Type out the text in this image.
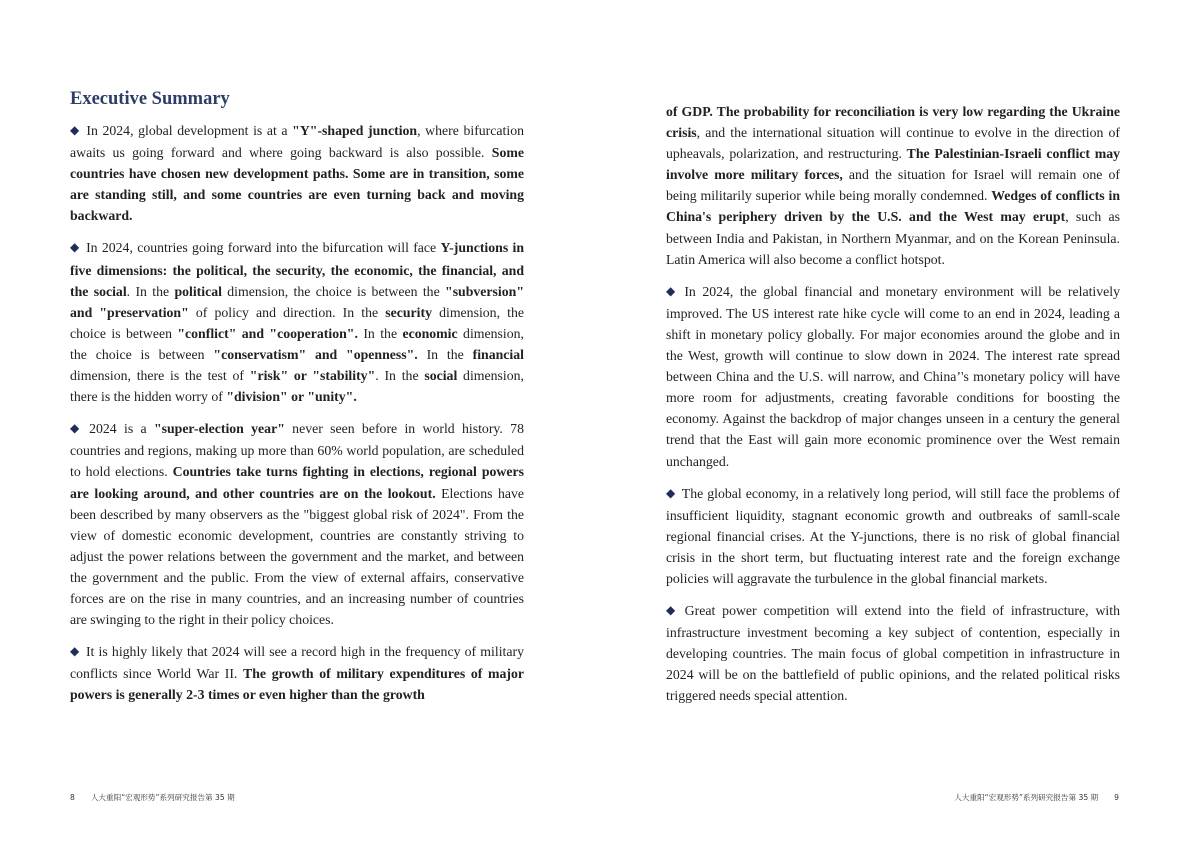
Executive Summary

◆ In 2024, global development is at a "Y"-shaped junction, where bifurcation awaits us going forward and where going backward is also possible. Some countries have chosen new development paths. Some are in transition, some are standing still, and some countries are even turning back and moving backward.

◆ In 2024, countries going forward into the bifurcation will face Y-junctions in five dimensions: the political, the security, the economic, the financial, and the social. In the political dimension, the choice is between the "subversion" and "preservation" of policy and direction. In the security dimension, the choice is between "conflict" and "cooperation". In the economic dimension, the choice is between "conservatism" and "openness". In the financial dimension, there is the test of "risk" or "stability". In the social dimension, there is the hidden worry of "division" or "unity".

◆ 2024 is a "super-election year" never seen before in world history. 78 countries and regions, making up more than 60% world population, are scheduled to hold elections. Countries take turns fighting in elections, regional powers are looking around, and other countries are on the lookout. Elections have been described by many observers as the "biggest global risk of 2024". From the view of domestic economic development, countries are constantly striving to adjust the power relations between the government and the market, and between the government and the public. From the view of external affairs, conservative forces are on the rise in many countries, and an increasing number of countries are swinging to the right in their policy choices.

◆ It is highly likely that 2024 will see a record high in the frequency of military conflicts since World War II. The growth of military expenditures of major powers is generally 2-3 times or even higher than the growth

8 人大重阳“宏观形势”系列研究报告第 35 期

of GDP. The probability for reconciliation is very low regarding the Ukraine crisis, and the international situation will continue to evolve in the direction of upheavals, polarization, and restructuring. The Palestinian-Israeli conflict may involve more military forces, and the situation for Israel will remain one of being militarily superior while being morally condemned. Wedges of conflicts in China's periphery driven by the U.S. and the West may erupt, such as between India and Pakistan, in Northern Myanmar, and on the Korean Peninsula. Latin America will also become a conflict hotspot.

◆ In 2024, the global financial and monetary environment will be relatively improved. The US interest rate hike cycle will come to an end in 2024, leading a shift in monetary policy globally. For major economies around the globe and in the West, growth will continue to slow down in 2024. The interest rate spread between China and the U.S. will narrow, and China’'s monetary policy will have more room for adjustments, creating favorable conditions for boosting the economy. Against the backdrop of major changes unseen in a century the general trend that the East will gain more economic prominence over the West remain unchanged.

◆ The global economy, in a relatively long period, will still face the problems of insufficient liquidity, stagnant economic growth and outbreaks of samll-scale regional financial crises. At the Y-junctions, there is no risk of global financial crisis in the short term, but fluctuating interest rate and the foreign exchange policies will aggravate the turbulence in the global financial markets.

◆ Great power competition will extend into the field of infrastructure, with infrastructure investment becoming a key subject of contention, especially in developing countries. The main focus of global competition in infrastructure in 2024 will be on the battlefield of public opinions, and the related political risks triggered needs special attention.

人大重阳“宏观形势”系列研究报告第 35 期 9
